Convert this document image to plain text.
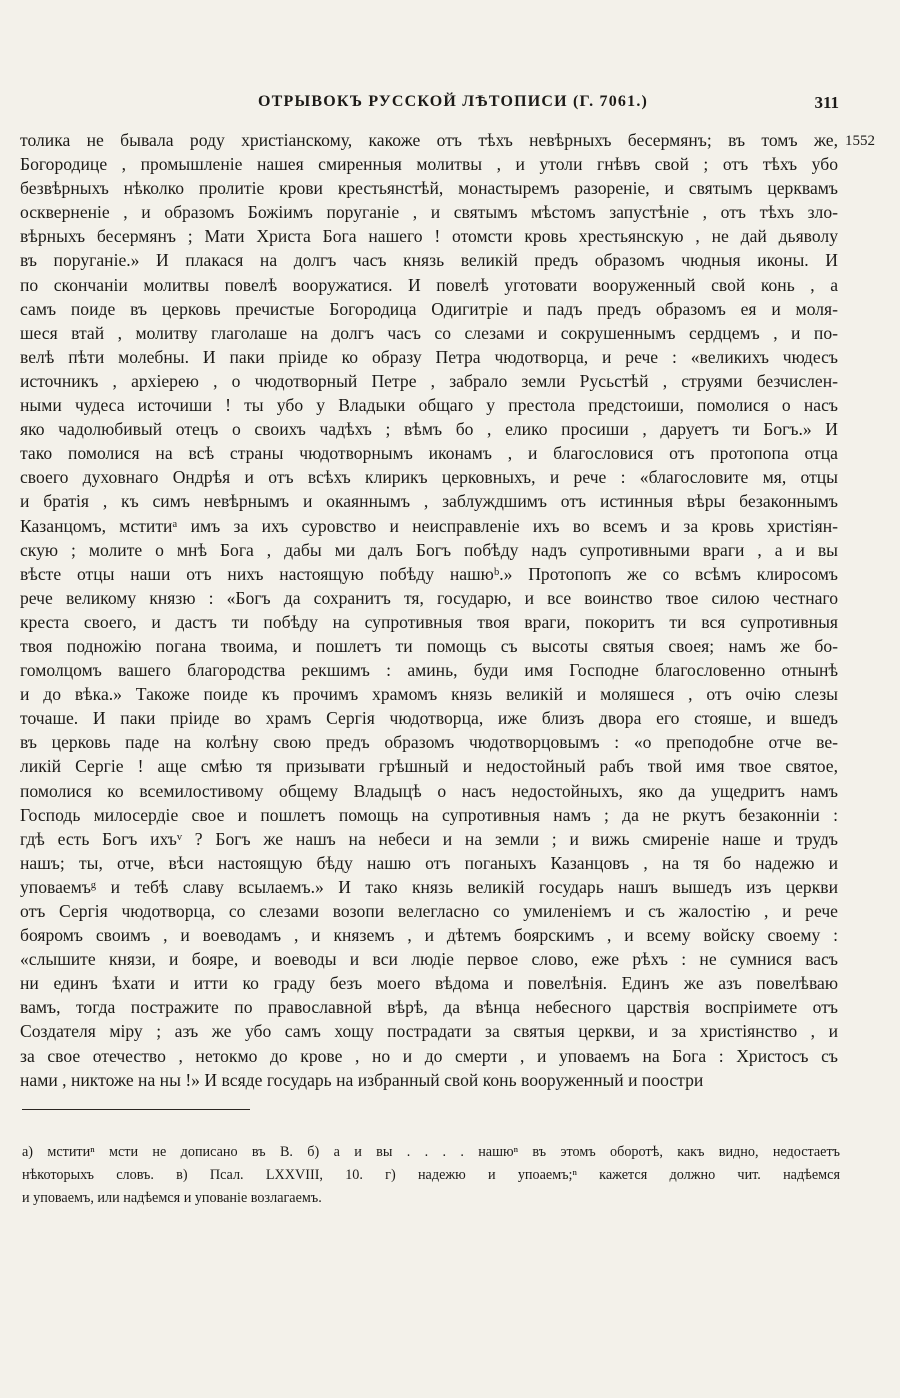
ОТРЫВОКЪ РУССКОЙ ЛѢТОПИСИ (Г. 7061.)	311
1552
толика не бывала роду христіанскому, какоже отъ тѣхъ невѣрныхъ бесермянъ; въ томъ же,
Богородице , промышленіе нашея смиренныя молитвы , и утоли гнѣвъ свой ; отъ тѣхъ убо
безвѣрныхъ нѣколко пролитіе крови крестьянстѣй, монастыремъ разореніе, и святымъ церквамъ
оскверненіе , и образомъ Божіимъ поруганіе , и святымъ мѣстомъ запустѣніе , отъ тѣхъ зло-
вѣрныхъ бесермянъ ; Мати Христа Бога нашего ! отомсти кровь хрестьянскую , не дай дьяволу
въ поруганіе.» И плакася на долгъ часъ князь великій предъ образомъ чюдныя иконы. И
по скончаніи молитвы повелѣ вооружатися. И повелѣ уготовати вооруженный свой конь , а
самъ поиде въ церковь пречистые Богородица Одигитріе и падъ предъ образомъ ея и моля-
шеся втай , молитву глаголаше на долгъ часъ со слезами и сокрушеннымъ сердцемъ , и по-
велѣ пѣти молебны. И паки пріиде ко образу Петра чюдотворца, и рече : «великихъ чюдесъ
источникъ , архіерею , о чюдотворный Петре , забрало земли Русьстѣй , струями безчислен-
ными чудеса источиши ! ты убо у Владыки общаго у престола предстоиши, помолися о насъ
яко чадолюбивый отецъ о своихъ чадѣхъ ; вѣмъ бо , елико просиши , даруетъ ти Богъ.» И
тако помолися на вcѣ страны чюдотворнымъ иконамъ , и благословися отъ протопопа отца
своего духовнаго Ондрѣя и отъ вcѣхъ клирикъ церковныхъ, и рече : «благословите мя, отцы
и братія , къ симъ невѣрнымъ и окаяннымъ , заблуждшимъ отъ истинныя вѣры безаконнымъ
Казанцомъ, мститиᵃ имъ за ихъ суровство и неисправленіе ихъ во всемъ и за кровь христіян-
скую ; молите о мнѣ Бога , дабы ми далъ Богъ побѣду надъ супротивными враги , а и вы
вѣсте отцы наши отъ нихъ настоящую побѣду нашюᵇ.» Протопопъ же со вcѣмъ клиросомъ
рече великому князю : «Богъ да сохранитъ тя, государю, и все воинство твое силою честнаго
креста своего, и дастъ ти побѣду на супротивныя твоя враги, покоритъ ти вся супротивныя
твоя подножію погана твоима, и пошлетъ ти помощь съ высоты святыя своея; намъ же бо-
гомолцомъ вашего благородства рекшимъ : аминь, буди имя Господне благословенно отнынѣ
и до вѣка.» Такоже поиде къ прочимъ храмомъ князь великій и моляшеся , отъ очію слезы
точаше. И паки пріиде во храмъ Сергія чюдотворца, иже близъ двора его стояше, и вшедъ
въ церковь паде на колѣну свою предъ образомъ чюдотворцовымъ : «о преподобне отче ве-
ликій Сергіе ! аще смѣю тя призывати грѣшный и недостойный рабъ твой имя твое святое,
помолися ко всемилостивому общему Владыцѣ о насъ недостойныхъ, яко да ущедритъ намъ
Господь милосердіе свое и пошлетъ помощь на супротивныя намъ ; да не ркутъ безаконніи :
гдѣ есть Богъ ихъᵛ ? Богъ же нашъ на небеси и на земли ; и вижь смиреніе наше и трудъ
нашъ; ты, отче, вѣси настоящую бѣду нашю отъ поганыхъ Казанцовъ , на тя бо надежю и
уповаемъᵍ и тебѣ славу всылаемъ.» И тако князь великій государь нашъ вышедъ изъ церкви
отъ Сергія чюдотворца, со слезами возопи велегласно со умиленіемъ и съ жалостію , и рече
бояромъ своимъ , и воеводамъ , и княземъ , и дѣтемъ боярскимъ , и всему войску своему :
«слышите князи, и бояре, и воеводы и вси людіе первое слово, еже рѣхъ : не сумнися васъ
ни единъ ѣхати и итти ко граду безъ моего вѣдома и повелѣнія. Единъ же азъ повелѣваю
вамъ, тогда постражите по православной вѣрѣ, да вѣнца небесного царствія воспріимете отъ
Создателя міру ; азъ же убо самъ хощу пострадати за святыя церкви, и за христіянство , и
за свое отечество , нетокмо до крове , но и до смерти , и уповаемъ на Бога : Христосъ съ
нами , никтоже на ны !» И вcяде государь на избранный свой конь вооруженный и поостри
а) мститиⁿ мсти не дописано въ В. б) а и вы . . . . нашюⁿ въ этомъ оборотѣ, какъ видно, недостаетъ
нѣкоторыхъ словъ. в) Псал. LXXVIII, 10. г) надежю и упоаемъ;ⁿ кажется должно чит. надѣемся
и уповаемъ, или надѣемся и упованіе возлагаемъ.
